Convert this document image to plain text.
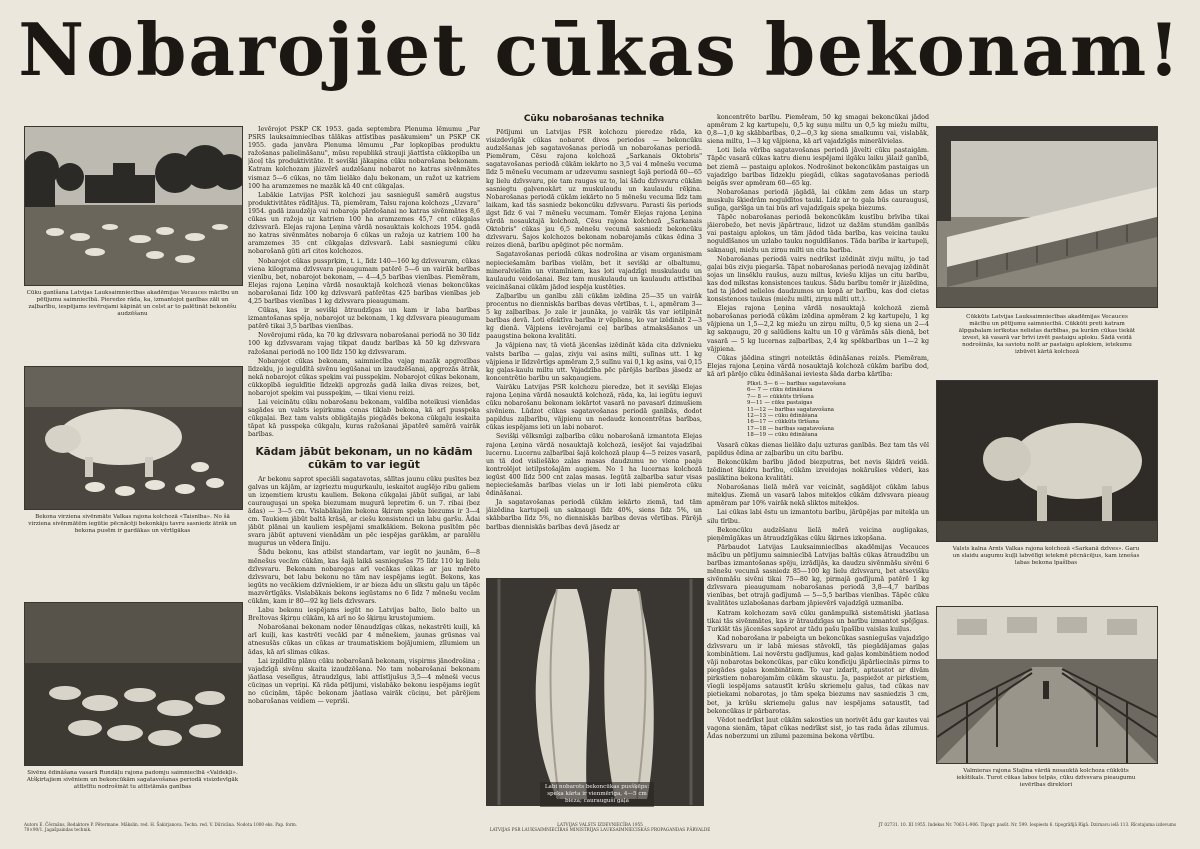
Nobarojiet cūkas bekonam!
Cūku ganīšana Latvijas Lauksaimniecības akadēmijas Vecauces mācību un pētījumu saimniecībā. Pieredze rāda, ka, izmantojot ganības zāli un zaļbarību, iespējams ievērojami kāpināt un celst ar to palētināt bekonēšu audzēšanu
Bekona virziena sivēnmāte Valkas rajona kolchozā «Taisnība». No šā virziena sivēnmātēm iegūtie pēcnācēji bekonkāju tavru sasniedz ātrāk un bekona pusēm ir gardākas un vērtīgākas
Sivēnu ēdināšana vasarā Rundāļu rajona padomju saimniecībā «Valdekļi». Atšķirtajiem sivēniem un bekoncūkām sagatavošanas periodā visizdevīgāk attīstītu nodrošināt tu attīstāmās ganības

Ievērojot PSKP CK 1953. gada septembra Plenuma lēmumu „Par PSRS lauksaimniecības tālākas attīstības pasākumiem" un PSKP CK 1955. gada janvāra Plenuma lēmumu „Par lopkopības produktu ražošanas palielināšanu", mūsu republikā strauji jāattīsta cūkkopība un jāceļ tās produktivitāte. It sevišķi jākapina cūku nobarošana bekonam. Katram kolchozam jāizvērš audzēšanu nobarot no katras sivēnmātes vismaz 5—6 cūkas, no tām lielāko daļu bekonam, un ražot uz katriem 100 ha aramzemes ne mazāk kā 40 cnt cūkgaļas.

Labākie Latvijas PSR kolchozi jau sasniegušī samērā augstus produktivitātes rādītājus. Tā, piemēram, Talsu rajona kolchozs „Uzvara" 1954. gadā izaudzēja vai nobaroja pārdošanai no katras sivēnmātes 8,6 cūkas un ražoja uz katriem 100 ha aramzemes 45,7 cnt cūkgaļas dzīvsvarā. Elejas rajona Ļeņina vārdā nosauktais kolchozs 1954. gadā no katras sivēnmātes nobaroja 6 cūkas un ražoja uz katriem 100 ha aramzemes 35 cnt cūkgaļas dzīvsvarā. Labi sasniegumi cūku nobarošanā gūti arī citos kolchozos.

Nobarojot cūkas pussprķim, t. i., līdz 140—160 kg dzīvsvaram, cūkas viena kilograma dzīvsvara pieaugumam patērē 5—6 un vairāk barības vienību, bet, nobarojot bekonam, — 4—4,5 barības vienības. Piemēram, Elejas rajona Ļeņina vārdā nosauktajā kolchozā vienas bekoncūkas nobarošanai līdz 100 kg dzīvsvarā patērētas 425 barības vienības jeb 4,25 barības vienības 1 kg dzīvsvara pieaugumam.

Cūkas, kas ir sevišķi ātraudzīgas un kam ir laba barības izmantošanas spēja, nobarojot uz bekonam, 1 kg dzīvsvara pieaugumam patērē tikai 3,5 barības vienības.

Novērojumi rāda, ka 70 kg dzīvsvara nobarošanai periodā no 30 līdz 100 kg dzīvsvaram vajag tikpat daudz barības kā 50 kg dzīvsvara ražošanai periodā no 100 līdz 150 kg dzīvsvaram.

Nobarojot cūkas bekonam, saimniecība vajag mazāk apgrozības līdzekļu, jo ieguldītā sivēnu iegūšanai un izaudzēšanai, apgrozās ātrāk, nekā nobarojot cūkas speķim vai pusspeķim. Nobarojot cūkas bekonam, cūkkopībā ieguldītie līdzekļi apgrozās gadā laika divas reizes, bet, nobarojot speķim vai pusspeķim, — tikai vienu reizi.

Lai veicinātu cūku nobarošanu bekonam, valdība noteikusi vienādas sagādes un valsts iepirkuma cenas tiklab bekona, kā arī pusspeķa cūkgaļai. Bez tam valsts obligātajās piegādēs bekona cūkgaļu ieskaita tāpat kā pusspeķa cūkgaļu, kuras ražošanai jāpatērē samērā vairāk barības.

Kādam jābūt bekonam, un no kādām cūkām to var iegūt

Ar bekonu saprot speciāli sagatavotas, sālītas jaunu cūku pusītes bez galvas un kājām, ar izgrieztu mugurkaulu, ieskaitot augšējo ribu galiem un izņemtiem krustu kauliem. Bekona cūkgaļai jābūt sulīgai, ar labi caurauguşai un speķa biezumam mugurā lepretim 6. un 7. ribai (bez ādas) — 3—5 cm. Vislabākajām bekona šķiram speķa biezums ir 3—4 cm. Taukiem jābūt baltā krāsā, ar ciešu konsistenci un labu garšu. Ādai jābūt plānai un kauliem iespējami smalkākiem. Bekona pusītēm pēc svara jābūt aptuveni vienādām un pēc iespējas garākām, ar paralēlu mugurus un vēdera līniju.

Šādu bekonu, kas atbilst standartam, var iegūt no jaunām, 6—8 mēnešus vecām cūkām, kas šajā laikā sasniegušas 75 līdz 110 kg lielu dzīvsvaru. Bekonam nobarogas arī vecākas cūkas ar jau mērēto dzīvsvaru, bet labu bekonu no tām nav iespējams iegūt. Bekons, kas iegūts no vecākiem dzīvniekiem, ir ar bieza ādu un sīkstu gaļu un tāpēc mazvērtīgāks. Vislabākais bekons iegūstams no 6 līdz 7 mēnešu vecām cūkām, kam ir 80—92 kg liels dzīvsvars.

Labu bekonu iespējams iegūt no Latvijas balto, lielo balto un Breltovas šķirņu cūkām, kā arī no šo šķirņu krustojumiem.

Nobarošanai bekonam noder lēnaudzīgas cūkas, nekastrēti kuiļi, kā arī kuiļi, kas kastrēti vecākī par 4 mēnešiem, jaunas grūsnas vai atnesušās cūkas un cūkas ar traumatiskiem bojājumiem, zīlumiem un ādas, kā arī slimas cūkas.

Lai izpildītu plānu cūku nobarošanā bekonam, vispirms jānodrošina ; vajadzīgā sivēnu skaita izaudzēšana. No tam nobarošanai bekonam jāatlasa veselīgus, ātraudzīgus, labi attīstījušus 3,5—4 mēneši vecus cūciņas un vepriņi. Kā rāda pētījumi, vislabāko bekonu iespējams iegūt no cūciņām, tāpēc bekonam jāatlasa vairāk cūciņu, bet pārējiem nobarošanas veidiem — vepriši.

Cūku nobarošanas technika

Pētījumi un Latvijas PSR kolchozu pieredze rāda, ka visizdevīgāk cūkas nobarot divos periodos — bekoncūku audzēšanas jeb sagatavošanas periodā un nobarošanas periodā. Piemēram, Cēsu rajona kolchozā „Sarkanais Oktobris" sagatavošanas periodā cūkām iekārto no 3,5 vai 4 mēnešu vecuma līdz 5 mēnešu vecumam ar udzevumu sasniegt šajā periodā 60—65 kg lielu dzīvsvaru, pie tam raugas uz to, lai šādu dzīvsvaru cūkām sasniegtu gaļvenokārt uz muskulaudu un kaulaudu rēķina. Nobarošanas periodā cūkām iekārto no 5 mēnešu vecuma līdz tam laikam, kad tās sasniedz bekoncūku dzīvsvaru. Parasti šis periods ilgst līdz 6 vai 7 mēnešu vecumam. Tomēr Elejas rajona Ļeņina vārdā nosauktajā kolchozā, Cēsu rajona kolchozā „Sarkanais Oktobris" cūkas jau 6,5 mēnešu vecumā sasniedz bekoncūku dzīvsvaru. Šajos kolchozos bekonam nobarojamās cūkas ēdina 3 reizes dienā, barību apēģinot pēc normām.

Sagatavošanas periodā cūkas nodrošina ar visam organismam nepieciešamām barības vielām, bet it sevišķi ar olbaltumu, mineralvielām un vitamīniem, kas ļoti vajadzīgi muskulaudu un kaulaudu veidošanai. Bez tam muskulaudu un kaulaudu attīstībai veicināšanai cūkām jādod iespēja kustēties.

Zaļbarību un ganību zāli cūkām izēdina 25—35 un vairāk procentus no dienniskās barības devas vērtības, t. i., apmēram 3—5 kg zaļbarības. Jo zale ir jaunāka, jo vairāk tās var ietilpināt barības devā. Loti efektīva barība ir vēpliens, ko var izēdināt 2—3 kg dienā. Vājpiens ievērojami ceļ barības atmaksāšanos un paaugstina bekona kvalitāti.

Ja vājpiena nav, tā vietā jācenšas izēdināt kāda cita dzīvnieku valsts barība — gaļas, zivju vai asins milti, sulīnas utt. 1 kg vājpiena ir līdzvērtīgs apmēram 2,5 sulīnu vai 0,1 kg asins, vai 0,15 kg gaļas-kaulu miltu utt. Vajadzība pēc pārējās barības jāsedz ar koncentrētio barību un sakņaugiem.

Vairāku Latvijas PSR kolchozu pieredze, bet it sevišķi Elejas rajona Ļeņina vārdā nosauktā kolchozā, rāda, ka, lai iegūtu ieguvi cūku nobarošanu bekonam iekārtot vasarā no pavasarī dzimušiem sivēniem. Lūdzot cūkas sagatavošanas periodā ganībās, dodot papildus zaļbarību, vājpienu un nedaudz koncentrētas barības, cūkas iespējams ieti un labi nobarot.

Sevišķi vēlksmīgi zaļbarība cūku nobarošanā izmantota Elejas rajona Ļeņina vārdā nosauktajā kolchozā, iesējot šai vajadzībai lucernu. Lucernu zaļbarībai šajā kolchozā plaup 4—5 reizes vasarā, un tā dod visliešāko zaļas masas daudzumu no viena paaju kontrolējot ietilpstošajām augiem. No 1 ha lucernas kolchozā iegūst 400 līdz 500 cnt zaļas masas. Iegūtā zaļbarība satur visas nepieciešamās barības vielas un ir loti labi piemērota cūku ēdināšanai.

Ja sagatavošanas periodā cūkām iekārto ziemā, tad tām jāizēdina kartupeļi un sakņaugi līdz 40%, siens līdz 5%, un skābbarība līdz 5%, no dienniskās barības devas vērtības. Pārējā barības dienniskās barības devā jāsedz ar

Labi nobarots bekoncūkas pusšķēps: speķa kārta ir vienmērīga, 4—5 cm bieza; caurauguši gaļa

koncentrēto barību. Piemēram, 50 kg smagai bekoncūkai jādod apmēram 2 kg kartupeļu, 0,5 kg suņu miltu un 0,5 kg miežu miltu, 0,8—1,0 kg skābbarības, 0,2—0,3 kg siena smalkumu vai, vislabāk, siena miltu, 1—3 kg vājpiena, kā arī vajadzīgās minerālvielas.

Loti liela vērība sagatavošanas periodā jāvelti cūku pastaigām. Tāpēc vasarā cūkas katru dienu iespējami ilgāku laiku jālaiž ganībā, bet ziemā — pastaigu aplokos. Nodrošinot bekoncūkām pastaigas un vajadzīgo barības līdzekļu piegādi, cūkas sagatavošanas periodā beigās sver apmēram 60—65 kg.

Nobarošanas periodā jāgādā, lai cūkām zem ādas un starp muskuļu šķiedrām noguldītos tauki. Lidz ar to gaļa būs cauraugusi, sulīga, garšīga un tai būs arī vajadzīgais speķa biezums.

Tāpēc nobarošanas periodā bekoncūkām kustību brīvība tikai jāierobežo, bet nevis jāpārtrauc, lidzot uz dažām stundām ganībās vai pastaigu aplokos, un tām jādod tāda barība, kas veicina tauku noguldīšanos un uzlabo tauku noguldīšanos. Tāda barība ir kartupeļi, sakņaugi, miežu un zirņu milti un cita barība.

Nobarošanas periodā vairs nedrīkst izēdināt zivju miltu, jo tad gaļai būs zivju piegaršа. Tāpat nobarošanas periodā nevajag izēdināt sojas un linsēklu raušus, auzu miltus, kviešu klijas un citu barību, kas dod mīkstas konsistences taukus. Šādu barību tomēr ir jāizēdina, tad ta jādod nelielos daudzumos un kopā ar barību, kas dod cietas konsistences taukus (miežu milti, zirņu milti utt.).

Elejas rajona Ļeņina vārdā nosauktajā kolchozā ziemā nobarošanas periodā cūkām izēdina apmēram 2 kg kartupeļu, 1 kg vājpiena un 1,5—2,2 kg miežu un zirņu miltu, 0,5 kg siena un 2—4 kg sakņaugu, 20 g salūdiens kaltu un 10 g vārāmās sāls dienā, bet vasarā — 5 kg lucernas zaļbarības, 2,4 kg spēkbarības un 1—2 kg vājpiena.

Cūkas jāēdina stingri noteiktās ēdināšanas reizēs. Piemēram, Elejas rajona Ļeņina vārdā nosauktajā kolchozā cūkām barību dod, kā arī pārējo cūku ēdināšanai ieviesta šāda darba kārtība:

Plkst. 5— 6 — barības sagatavošana
6— 7 — cūku ēdināšana
7— 8 — cūkkūts tīrīšana
9—11 — cūku pastaigas
11—12 — barības sagatavošana
12—13 — cūku ēdināšana
16—17 — cūkkūts tīrīšana
17—18 — barības sagatavošana
18—19 — cūku ēdināšana

Vasarā cūkas dienas lielāko daļu uzturas ganībās. Bez tam tās vēl papildus ēdina ar zaļbarību un citu barību.

Bekoncūkām barību jādod biezputras, bet nevis šķidrā veidā. Izēdinot šķidru barību, cūkām izveidojas nokārušies vēderi, kas pasliktina bekona kvalitāti.

Nobarošanas lielā mērā var veicināt, sagādājot cūkām labus mitekļus. Ziemā un vasarā labos mitekļos cūkām dzīvsvara pieaug apmēram par 10% vairāk nekā sliktos mitekļos.

Lai cūkas labi ēstu un izmantotu barību, jārūpējas par mitekļa un silu tīrību.

Bekoncūku audzēšanu lielā mērā veicina augligakas, pieņēmīgākas un ātraudzīgākas cūku šķirnes izkopšana.

Pārbaudot Latvijas Lauksaimniecības akadēmijas Vecauces mācību un pētījumu saimniecībā Latvijas baltās cūkas ātraudzību un barības izmantošanas spēju, izrādījās, ka daudzu sivēnmāšu sivēni 6 mēnešu vecumā sasniedz 85—100 kg lielu dzīvsvaru, bet atsevišķu sivēnmāšu sivēni tikai 75—80 kg, pirmajā gadījumā patērē 1 kg dzīvsvara pieaugumam nobarošanas periodā 3,8—4,7 barības vienības, bet otrajā gadījumā — 5—5,5 barības vienības. Tāpēc cūku kvalitātes uzlabošanas darbam jāpievērš vajadzīgā uzmanība.

Katram kolchozam savā cūku ganāmpulkā sistemātiski jāatlasa tikai tās sivēnmātes, kas ir ātraudzīgas un barību izmantot spējīgas. Turklāt tās jācenšas sapārot ar tādu pašu īpašību vaislas kuiļus.

Kad nobarošana ir pabeigta un bekoncūkas sasniegušas vajadzīgo dzīvsvaru un ir labā miesas stāvoklī, tās piegādājamas gaļas kombinātiem. Lai novērstu gadījumus, kad gaļas kombinātiem nodod vāji nobarotas bekoncūkas, par cūku kondīciju jāpārliecinās pirms to piegādes gaļas kombinātiem. To var izdarīt, aptaustot ar divām pirkstiem nobarojamām cūkām skaustu. Ja, paspiežot ar pirkstiem, vīegli iespējams sataustīt krūšu skriemeļu galus, tad cūkas nav pietiekami nobarotas, jo tām speķa biezums nav sasniedzis 3 cm, bet, ja krūšu skriemeļu galus nav iespējams sataustīt, tad bekoncūkas ir pārbarotas.

Vēdot nedrīkst ļaut cūkām sakosties un norivēt ādu gar kautes vai vagona sienām, tāpat cūkas nedrīkst sist, jo tas rada ādas zilumus. Ādas noberzumi un zilumi pazemina bekona vērtību.

Cūkkūts Latvijas Lauksaimniecības akadēmijas Vecauces mācību un pētījumu saimniecībā. Cūkkūti preti katram ālpgabalam ierīkotas nelielas darbības, pa kurām cūkas tiekāt izvest, kā vasarā var brīvi izvēt pastaigu aploku. Šādā veidā nodrošinās, ka saviotu nolīt ar pastaigu aplokiem, ietekumu izbūvēt kārtā kolchozā
Valsts kalna Arnīs Valkas rajona kolchozā «Sarkanā dzīves». Garu un slaidu augumu kuļļi labvēlīgi ietekmē pēcnācējus, kam iznešas labas bekona īpašības
Valmieras rajona Staļina vārdā nosauktā kolchoza cūkkūts iekštikals. Turot cūkas labos telpās, cūku dzīvsvara pieaugumu ievērības direktori
Autors E. Čēcmāns, Redaktore P. Pētermane. Mākslin. red. H. Šakirjanova. Techn. red. V. Dūricānа. Nodota 1000 eks. Pap. form. 70×90/1. Jagašpaindas technik.
LATVIJAS VALSTS IZDEVNIECĪBA 1955
LATVIJAS PSR LAUKSAIMNIECĪBAS MINISTRIJAS LAUKSAIMNIECISKĀS PROPAGANDAS PĀRVALDE
JT 02731. 10. III 1955. Indekss Nr. 7063-L-906. Tipogr. pasūt. Nr. 599. Iespiests 6. tipogrāfijā Rīgā. Dzirnavu ielā 113. Rīcotajuma izdevums
